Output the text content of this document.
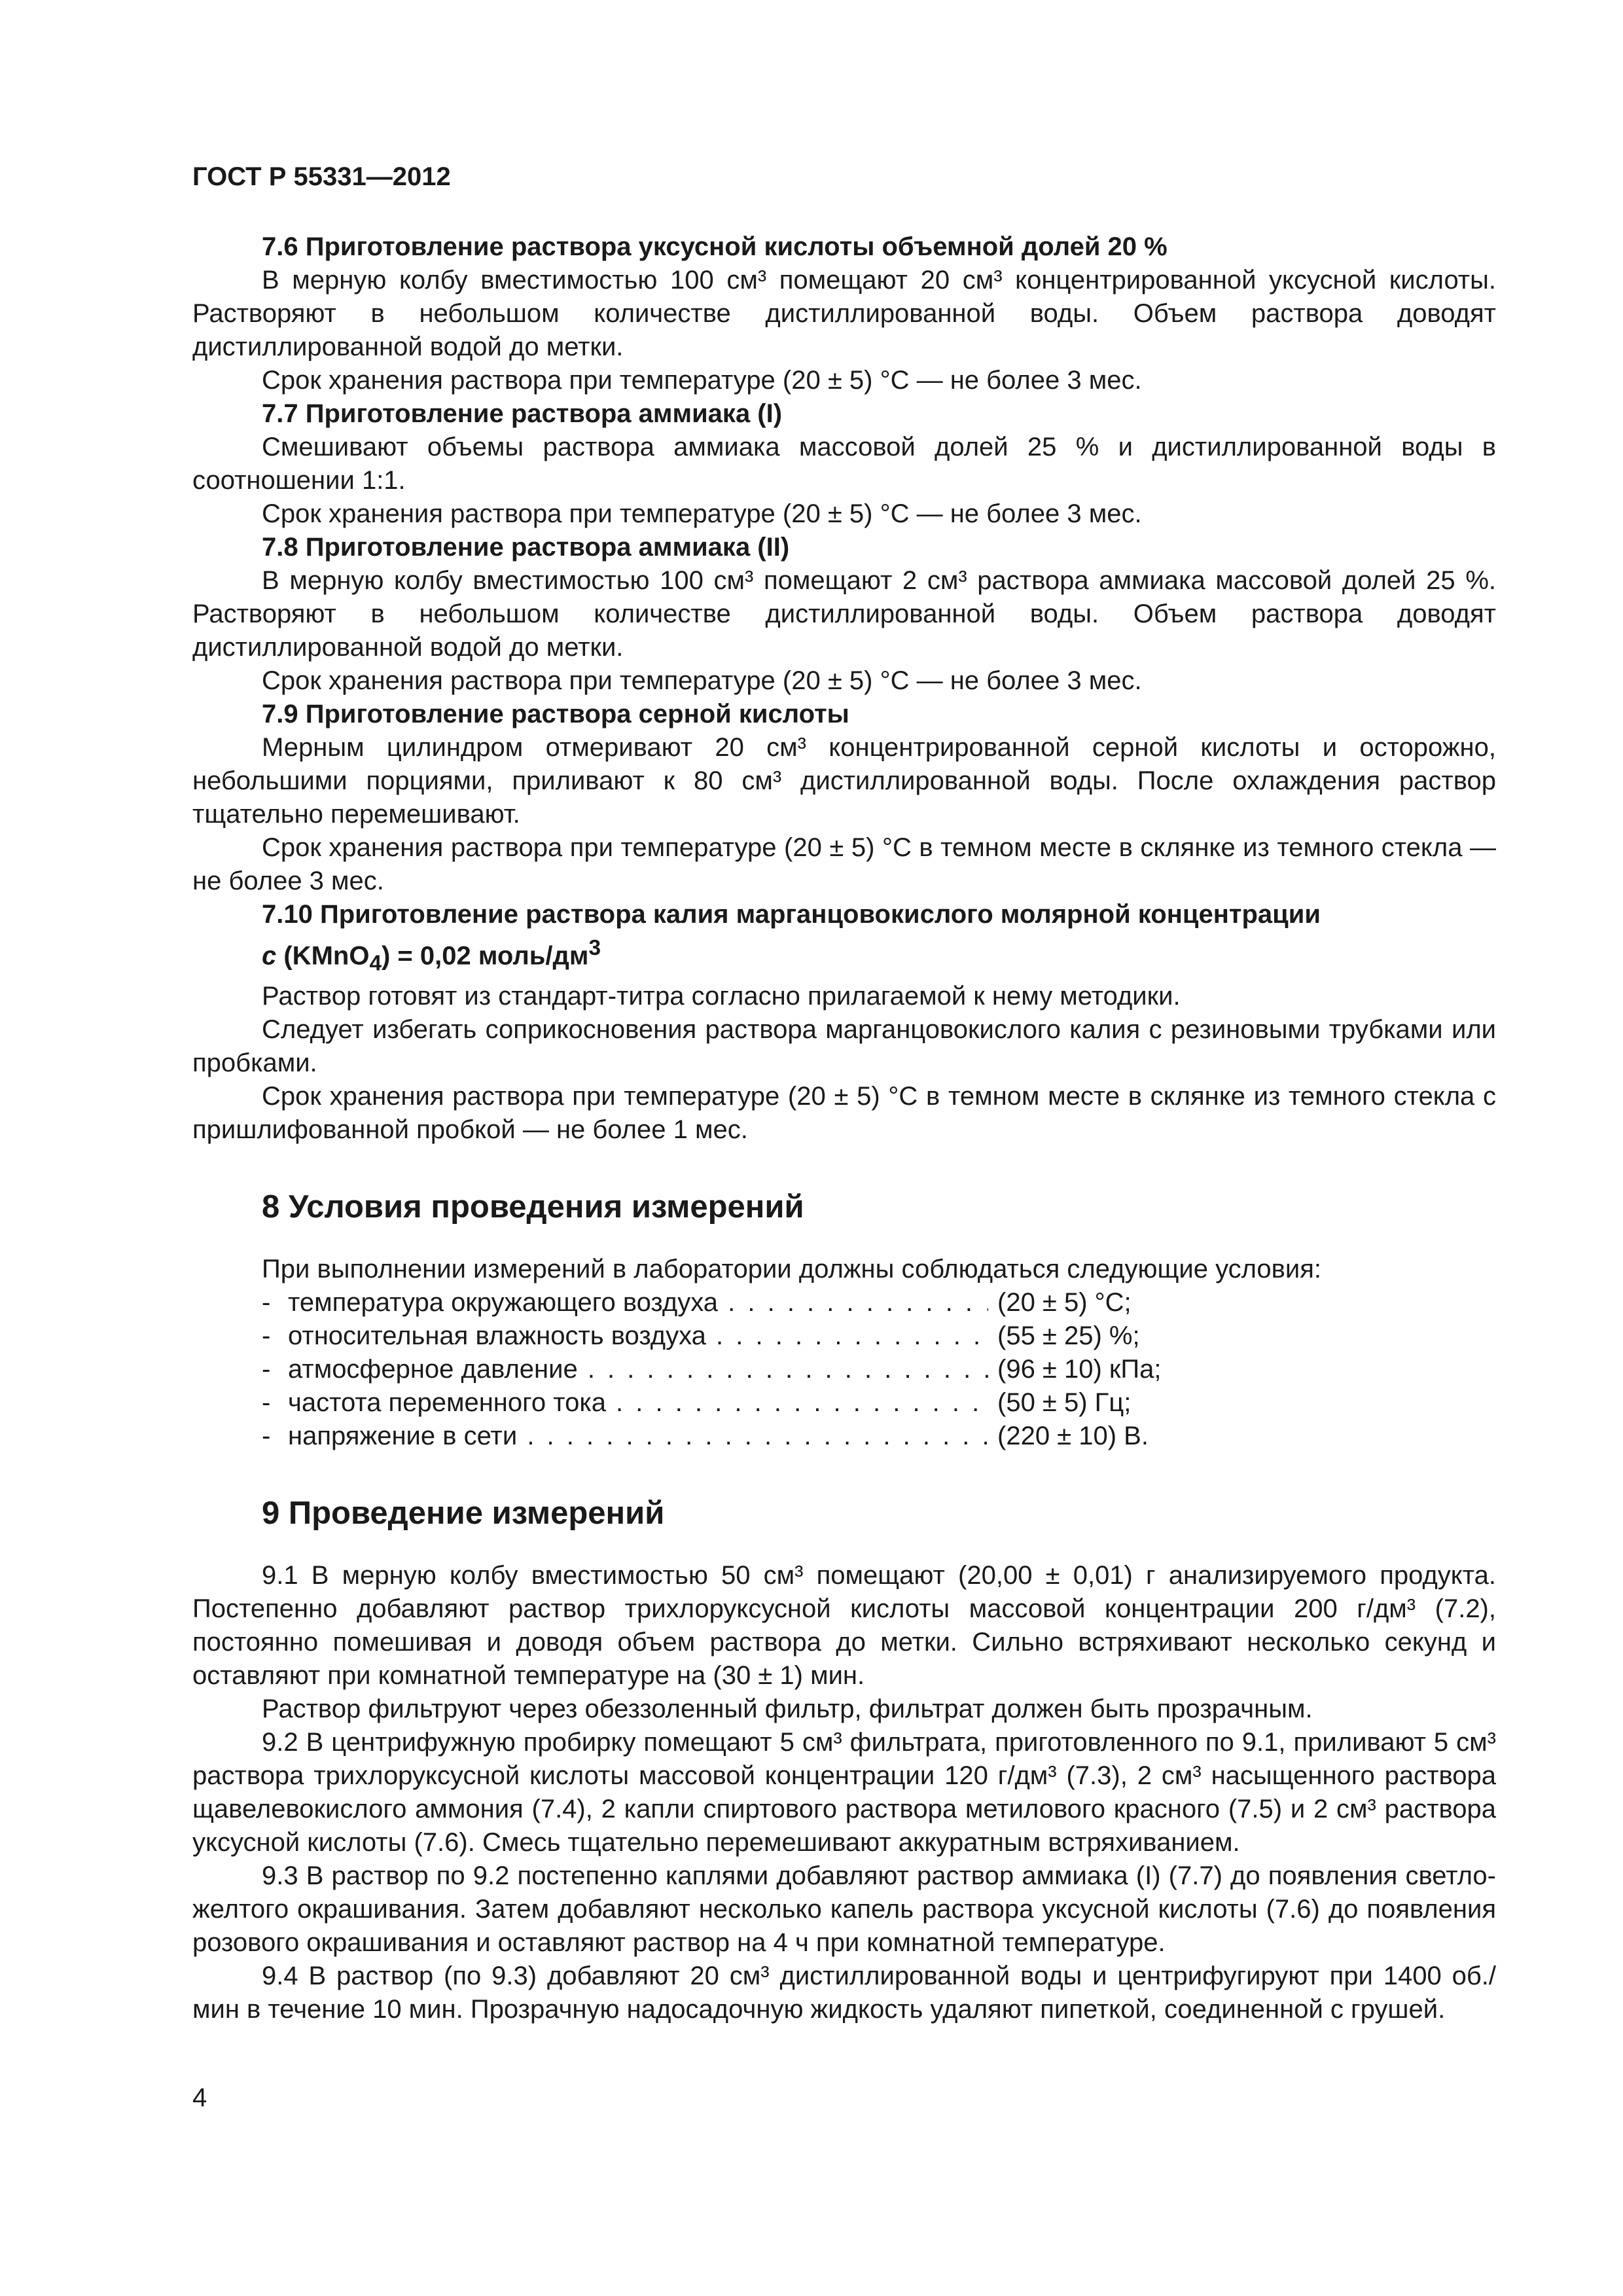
ГОСТ Р 55331—2012

7.6 Приготовление раствора уксусной кислоты объемной долей 20 %

В мерную колбу вместимостью 100 см³ помещают 20 см³ концентрированной уксусной кислоты. Растворяют в небольшом количестве дистиллированной воды. Объем раствора доводят дистиллированной водой до метки.

Срок хранения раствора при температуре (20 ± 5) °С — не более 3 мес.

7.7 Приготовление раствора аммиака (I)

Смешивают объемы раствора аммиака массовой долей 25 % и дистиллированной воды в соотношении 1:1.

Срок хранения раствора при температуре (20 ± 5) °С — не более 3 мес.

7.8 Приготовление раствора аммиака (II)

В мерную колбу вместимостью 100 см³ помещают 2 см³ раствора аммиака массовой долей 25 %. Растворяют в небольшом количестве дистиллированной воды. Объем раствора доводят дистиллированной водой до метки.

Срок хранения раствора при температуре (20 ± 5) °С — не более 3 мес.

7.9 Приготовление раствора серной кислоты

Мерным цилиндром отмеривают 20 см³ концентрированной серной кислоты и осторожно, небольшими порциями, приливают к 80 см³ дистиллированной воды. После охлаждения раствор тщательно перемешивают.

Срок хранения раствора при температуре (20 ± 5) °С в темном месте в склянке из темного стекла — не более 3 мес.

7.10 Приготовление раствора калия марганцовокислого молярной концентрации
c (KMnO$_4$) = 0,02 моль/$дм^3$

Раствор готовят из стандарт-титра согласно прилагаемой к нему методики.

Следует избегать соприкосновения раствора марганцовокислого калия с резиновыми трубками или пробками.

Срок хранения раствора при температуре (20 ± 5) °С в темном месте в склянке из темного стекла с пришлифованной пробкой — не более 1 мес.

8 Условия проведения измерений

При выполнении измерений в лаборатории должны соблюдаться следующие условия:

- температура окружающего воздуха . . .	(20 ± 5) °С;
- относительная влажность воздуха . . .	(55 ± 25) %;
- атмосферное давление . . .	(96 ± 10) кПа;
- частота переменного тока . . .	(50 ± 5) Гц;
- напряжение в сети . . .	(220 ± 10) В.
9 Проведение измерений

9.1 В мерную колбу вместимостью 50 см³ помещают (20,00 ± 0,01) г анализируемого продукта. Постепенно добавляют раствор трихлоруксусной кислоты массовой концентрации 200 г/дм³ (7.2), постоянно помешивая и доводя объем раствора до метки. Сильно встряхивают несколько секунд и оставляют при комнатной температуре на (30 ± 1) мин.

Раствор фильтруют через обеззоленный фильтр, фильтрат должен быть прозрачным.

9.2 В центрифужную пробирку помещают 5 см³ фильтрата, приготовленного по 9.1, приливают 5 см³ раствора трихлоруксусной кислоты массовой концентрации 120 г/дм³ (7.3), 2 см³ насыщенного раствора щавелевокислого аммония (7.4), 2 капли спиртового раствора метилового красного (7.5) и 2 см³ раствора уксусной кислоты (7.6). Смесь тщательно перемешивают аккуратным встряхиванием.

9.3 В раствор по 9.2 постепенно каплями добавляют раствор аммиака (I) (7.7) до появления светло-желтого окрашивания. Затем добавляют несколько капель раствора уксусной кислоты (7.6) до появления розового окрашивания и оставляют раствор на 4 ч при комнатной температуре.

9.4 В раствор (по 9.3) добавляют 20 см³ дистиллированной воды и центрифугируют при 1400 об./мин в течение 10 мин. Прозрачную надосадочную жидкость удаляют пипеткой, соединенной с грушей.

4
